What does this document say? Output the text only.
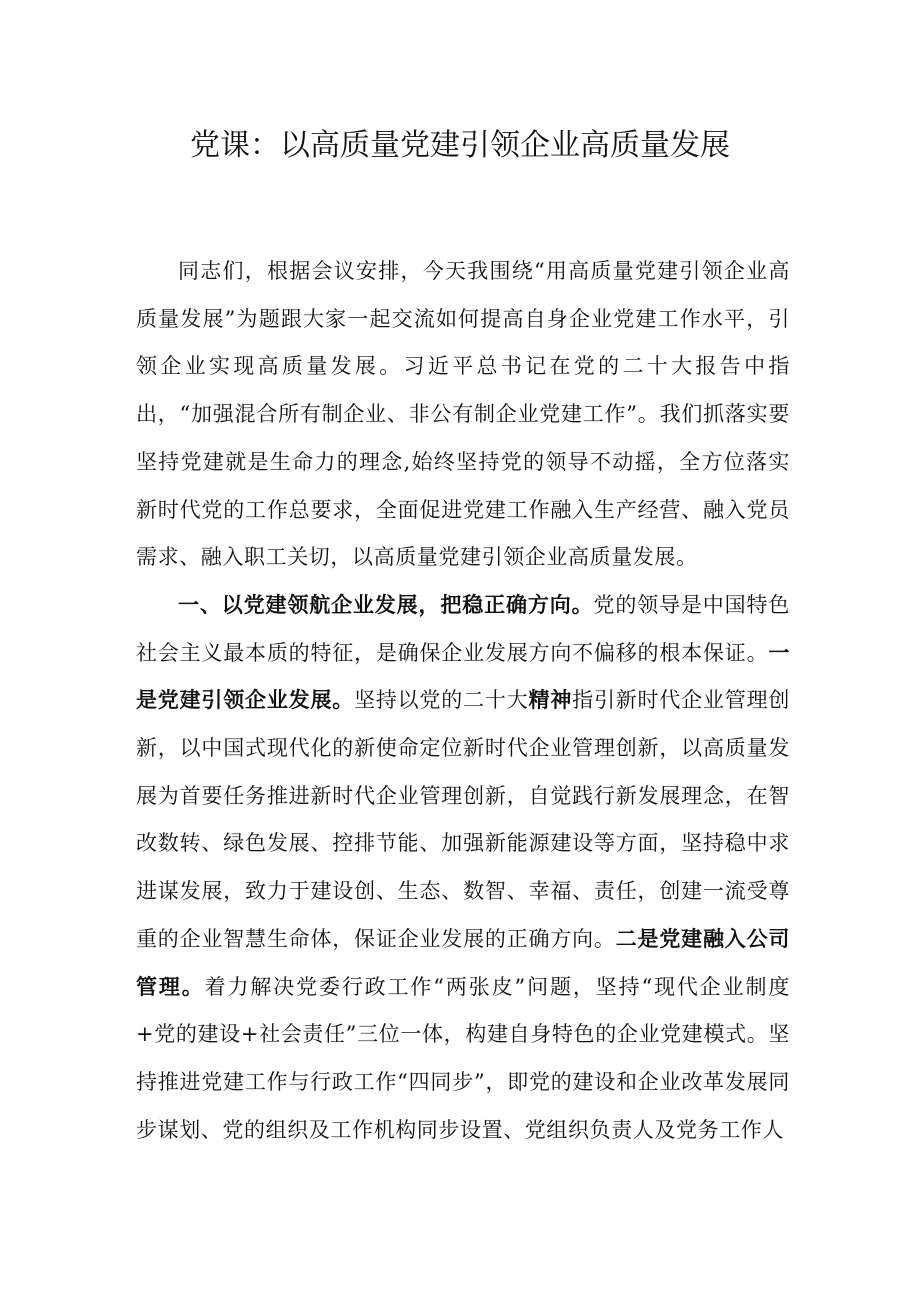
党课：以高质量党建引领企业高质量发展

同志们，根据会议安排，今天我围绕“用高质量党建引领企业高质量发展”为题跟大家一起交流如何提高自身企业党建工作水平，引领企业实现高质量发展。习近平总书记在党的二十大报告中指出，“加强混合所有制企业、非公有制企业党建工作”。我们抓落实要坚持党建就是生命力的理念,始终坚持党的领导不动摇，全方位落实新时代党的工作总要求，全面促进党建工作融入生产经营、融入党员需求、融入职工关切，以高质量党建引领企业高质量发展。

一、以党建领航企业发展，把稳正确方向。党的领导是中国特色社会主义最本质的特征，是确保企业发展方向不偏移的根本保证。一是党建引领企业发展。坚持以党的二十大精神指引新时代企业管理创新，以中国式现代化的新使命定位新时代企业管理创新，以高质量发展为首要任务推进新时代企业管理创新，自觉践行新发展理念，在智改数转、绿色发展、控排节能、加强新能源建设等方面，坚持稳中求进谋发展，致力于建设创、生态、数智、幸福、责任，创建一流受尊重的企业智慧生命体，保证企业发展的正确方向。二是党建融入公司管理。着力解决党委行政工作“两张皮”问题，坚持“现代企业制度+党的建设+社会责任”三位一体，构建自身特色的企业党建模式。坚持推进党建工作与行政工作“四同步”，即党的建设和企业改革发展同步谋划、党的组织及工作机构同步设置、党组织负责人及党务工作人
